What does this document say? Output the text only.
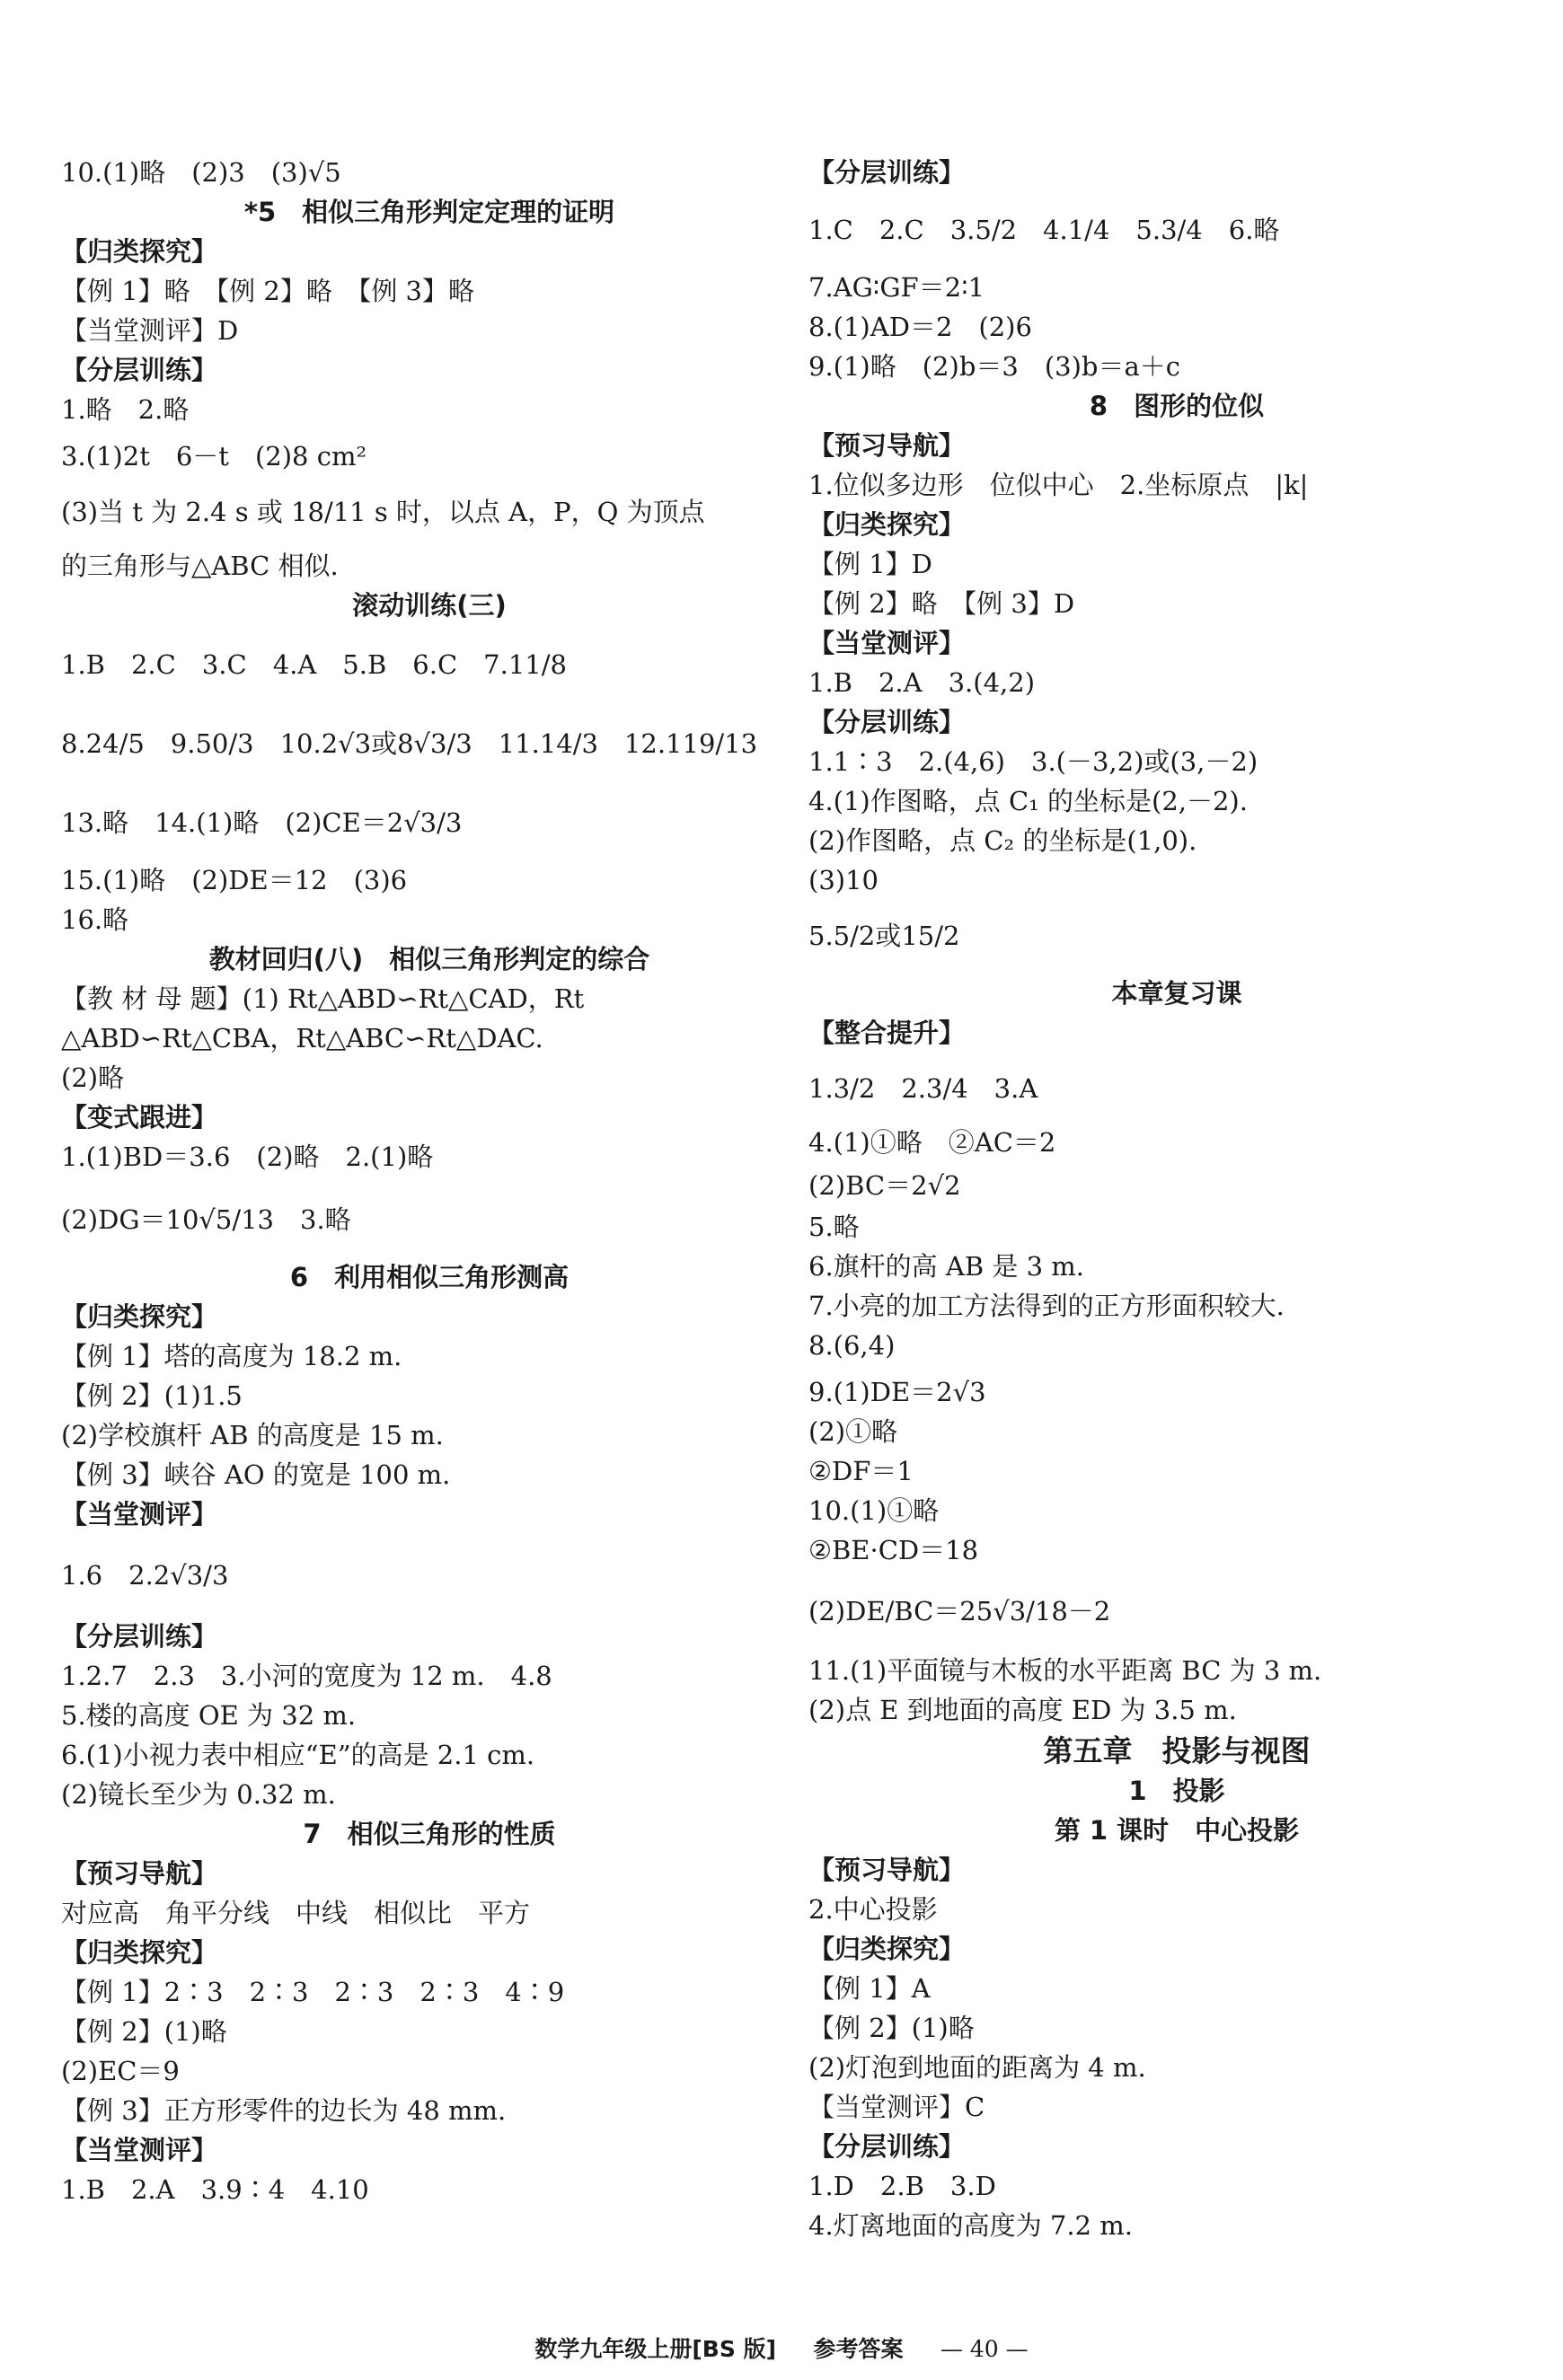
10.(1)略　(2)3　(3)√5
*5　相似三角形判定定理的证明
【归类探究】
【例 1】略　【例 2】略　【例 3】略
【当堂测评】D
【分层训练】
1.略　2.略
3.(1)2t　6－t　(2)8 cm²
(3)当 t 为 2.4 s 或 18/11 s 时，以点 A，P，Q 为顶点
的三角形与△ABC 相似.
滚动训练(三)
1.B　2.C　3.C　4.A　5.B　6.C　7.11/8
8.24/5　9.50/3　10.2√3或8√3/3　11.14/3　12.119/13
13.略　14.(1)略　(2)CE＝2√3/3
15.(1)略　(2)DE＝12　(3)6
16.略
教材回归(八)　相似三角形判定的综合
【教 材 母 题】(1) Rt△ABD∽Rt△CAD，Rt
△ABD∽Rt△CBA，Rt△ABC∽Rt△DAC.
(2)略
【变式跟进】
1.(1)BD＝3.6　(2)略　2.(1)略
(2)DG＝10√5/13　3.略
6　利用相似三角形测高
【归类探究】
【例 1】塔的高度为 18.2 m.
【例 2】(1)1.5
(2)学校旗杆 AB 的高度是 15 m.
【例 3】峡谷 AO 的宽是 100 m.
【当堂测评】
1.6　2.2√3/3
【分层训练】
1.2.7　2.3　3.小河的宽度为 12 m.　4.8
5.楼的高度 OE 为 32 m.
6.(1)小视力表中相应“E”的高是 2.1 cm.
(2)镜长至少为 0.32 m.
7　相似三角形的性质
【预习导航】
对应高　角平分线　中线　相似比　平方
【归类探究】
【例 1】2∶3　2∶3　2∶3　2∶3　4∶9
【例 2】(1)略
(2)EC＝9
【例 3】正方形零件的边长为 48 mm.
【当堂测评】
1.B　2.A　3.9∶4　4.10
【分层训练】
1.C　2.C　3.5/2　4.1/4　5.3/4　6.略
7.AG∶GF＝2∶1
8.(1)AD＝2　(2)6
9.(1)略　(2)b＝3　(3)b＝a＋c
8　图形的位似
【预习导航】
1.位似多边形　位似中心　2.坐标原点　|k|
【归类探究】
【例 1】D
【例 2】略　【例 3】D
【当堂测评】
1.B　2.A　3.(4,2)
【分层训练】
1.1∶3　2.(4,6)　3.(－3,2)或(3,－2)
4.(1)作图略，点 C₁ 的坐标是(2,－2).
(2)作图略，点 C₂ 的坐标是(1,0).
(3)10
5.5/2或15/2
本章复习课
【整合提升】
1.3/2　2.3/4　3.A
4.(1)①略　②AC＝2
(2)BC＝2√2
5.略
6.旗杆的高 AB 是 3 m.
7.小亮的加工方法得到的正方形面积较大.
8.(6,4)
9.(1)DE＝2√3
(2)①略
②DF＝1
10.(1)①略
②BE·CD＝18
(2)DE/BC＝25√3/18－2
11.(1)平面镜与木板的水平距离 BC 为 3 m.
(2)点 E 到地面的高度 ED 为 3.5 m.
第五章　投影与视图
1　投影
第 1 课时　中心投影
【预习导航】
2.中心投影
【归类探究】
【例 1】A
【例 2】(1)略
(2)灯泡到地面的距离为 4 m.
【当堂测评】C
【分层训练】
1.D　2.B　3.D
4.灯离地面的高度为 7.2 m.
数学九年级上册[BS 版] 参考答案 — 40 —
